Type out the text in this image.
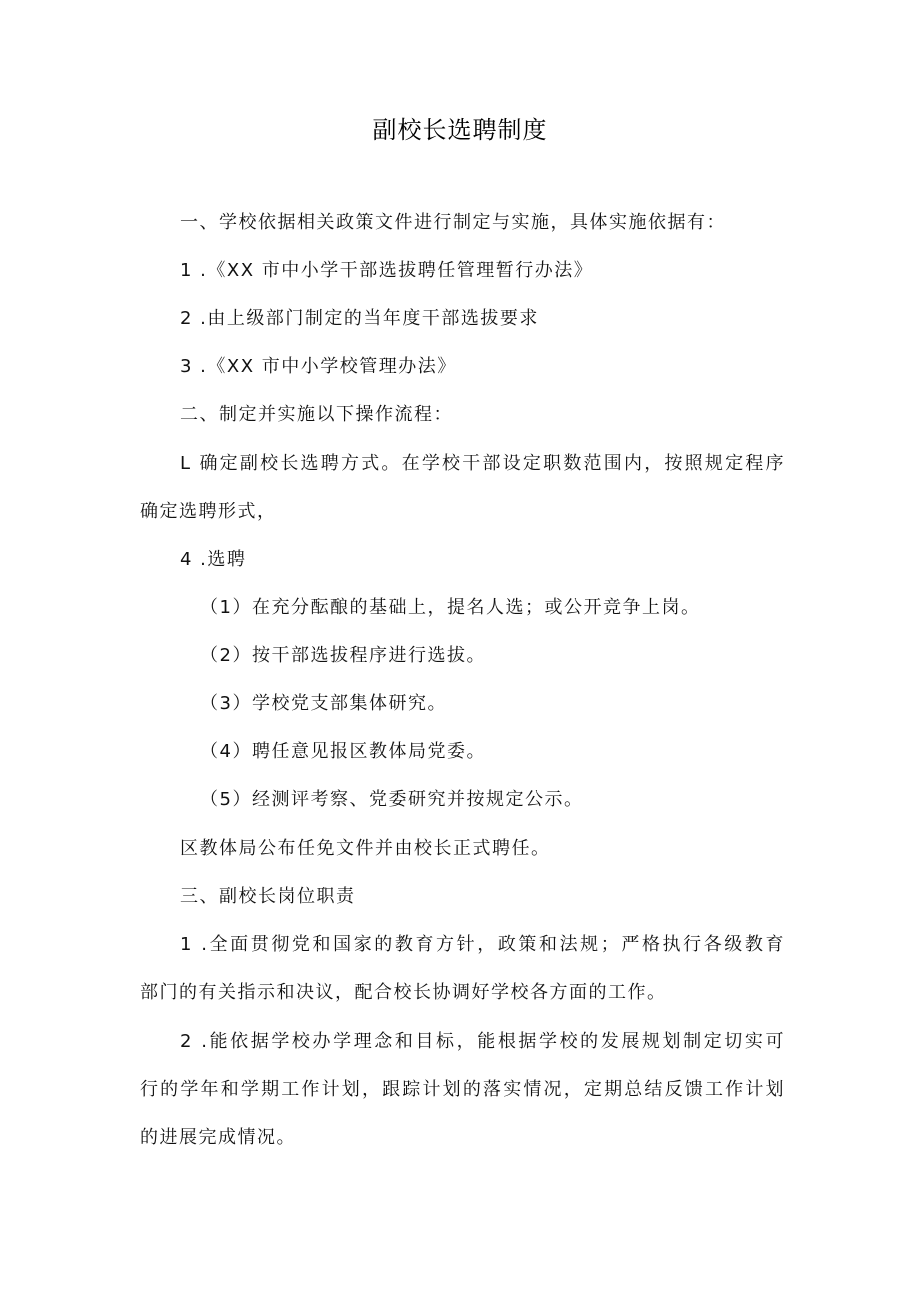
副校长选聘制度
一、学校依据相关政策文件进行制定与实施，具体实施依据有：
1 .《XX 市中小学干部选拔聘任管理暂行办法》
2 .由上级部门制定的当年度干部选拔要求
3 .《XX 市中小学校管理办法》
二、制定并实施以下操作流程：
L 确定副校长选聘方式。在学校干部设定职数范围内，按照规定程序
确定选聘形式，
4 .选聘
（1）在充分酝酿的基础上，提名人选；或公开竞争上岗。
（2）按干部选拔程序进行选拔。
（3）学校党支部集体研究。
（4）聘任意见报区教体局党委。
（5）经测评考察、党委研究并按规定公示。
区教体局公布任免文件并由校长正式聘任。
三、副校长岗位职责
1 .全面贯彻党和国家的教育方针，政策和法规；严格执行各级教育
部门的有关指示和决议，配合校长协调好学校各方面的工作。
2 .能依据学校办学理念和目标，能根据学校的发展规划制定切实可
行的学年和学期工作计划，跟踪计划的落实情况，定期总结反馈工作计划
的进展完成情况。
